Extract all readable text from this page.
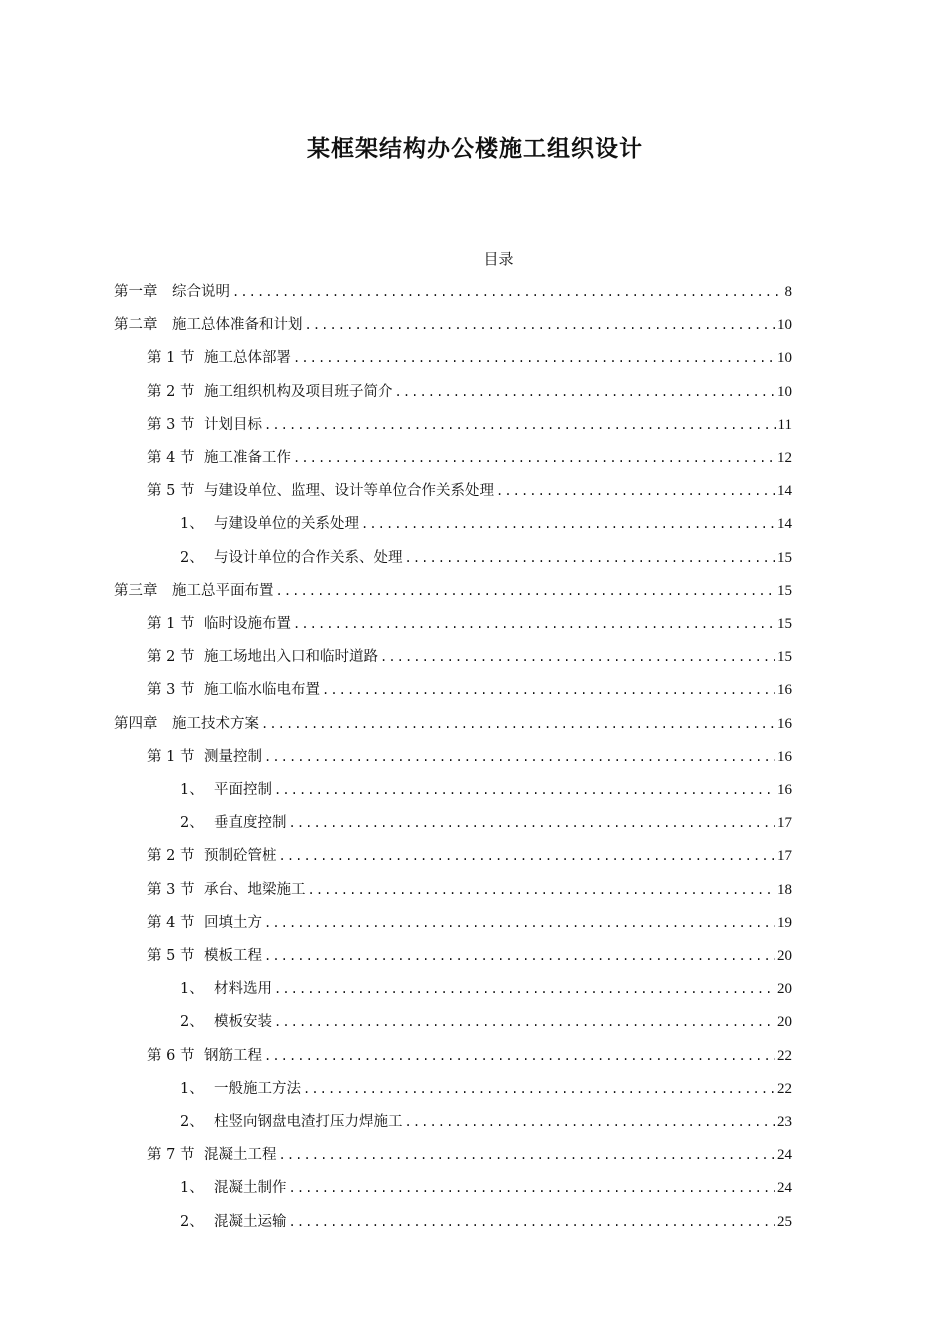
某框架结构办公楼施工组织设计
目录
第一章	综合说明 .....	8
第二章	施工总体准备和计划 .....	10
第 1 节 施工总体部署 .....	10
第 2 节 施工组织机构及项目班子简介 .....	10
第 3 节 计划目标 .....	11
第 4 节 施工准备工作 .....	12
第 5 节 与建设单位、监理、设计等单位合作关系处理 .....	14
1、 与建设单位的关系处理 .....	14
2、 与设计单位的合作关系、处理 .....	15
第三章	施工总平面布置 .....	15
第 1 节 临时设施布置 .....	15
第 2 节 施工场地出入口和临时道路 .....	15
第 3 节 施工临水临电布置 .....	16
第四章	施工技术方案 .....	16
第 1 节 测量控制 .....	16
1、 平面控制 .....	16
2、 垂直度控制 .....	17
第 2 节 预制砼管桩 .....	17
第 3 节 承台、地梁施工 .....	18
第 4 节 回填土方 .....	19
第 5 节 模板工程 .....	20
1、 材料选用 .....	20
2、 模板安装 .....	20
第 6 节 钢筋工程 .....	22
1、 一般施工方法 .....	22
2、 柱竖向钢盘电渣打压力焊施工 .....	23
第 7 节 混凝土工程 .....	24
1、 混凝土制作 .....	24
2、 混凝土运输 .....	25
